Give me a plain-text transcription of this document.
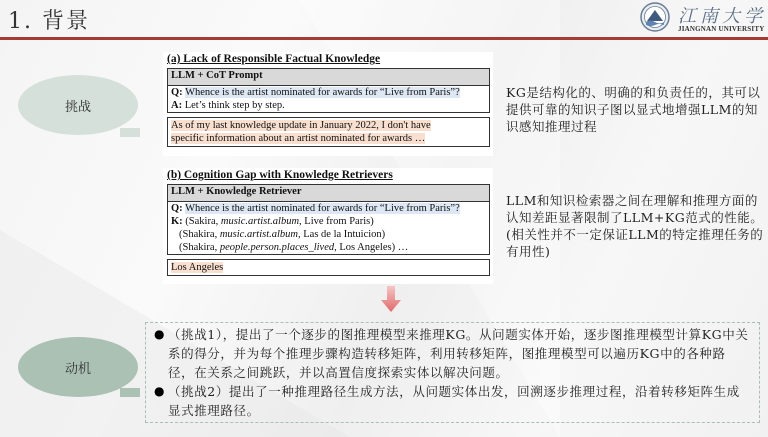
1. 背景	江南大学
JIANGNAN UNIVERSITY
挑战
(a) Lack of Responsible Factual Knowledge
LLM + CoT Prompt
Q: Whence is the artist nominated for awards for “Live from Paris”?
A: Let’s think step by step.
As of my last knowledge update in January 2022, I don't have
specific information about an artist nominated for awards …
KG是结构化的、明确的和负责任的，其可以提供可靠的知识子图以显式地增强LLM的知识感知推理过程
(b) Cognition Gap with Knowledge Retrievers
LLM + Knowledge Retriever
Q: Whence is the artist nominated for awards for “Live from Paris”?
K: (Sakira, music.artist.album, Live from Paris)
(Shakira, music.artist.album, Las de la Intuicion)
(Shakira, people.person.places_lived, Los Angeles) …
Los Angeles
LLM和知识检索器之间在理解和推理方面的认知差距显著限制了LLM+KG范式的性能。(相关性并不一定保证LLM的特定推理任务的有用性)
动机
● （挑战1），提出了一个逐步的图推理模型来推理KG。从问题实体开始，逐步图推理模型计算KG中关系的得分，并为每个推理步骤构造转移矩阵，利用转移矩阵，图推理模型可以遍历KG中的各种路径，在关系之间跳跃，并以高置信度探索实体以解决问题。
● （挑战2）提出了一种推理路径生成方法，从问题实体出发，回溯逐步推理过程，沿着转移矩阵生成显式推理路径。
